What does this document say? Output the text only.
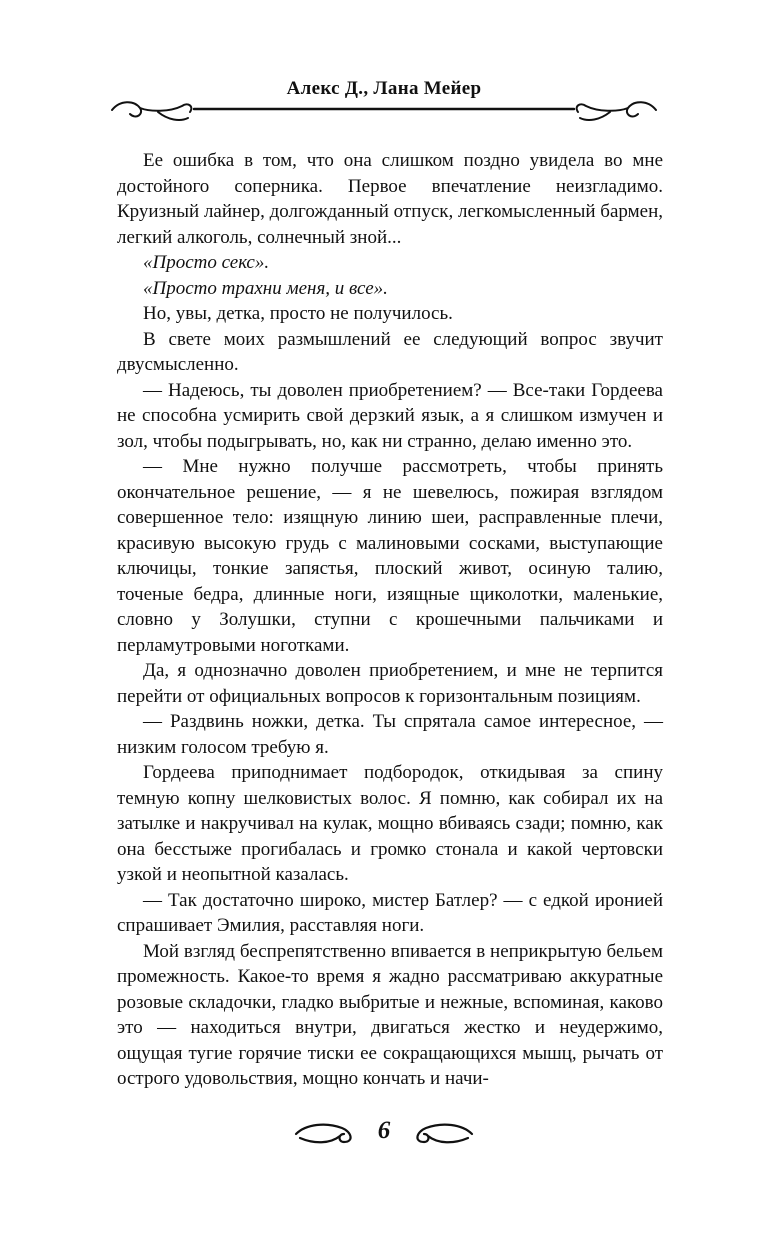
Алекс Д., Лана Мейер

Ее ошибка в том, что она слишком поздно увидела во мне достойного соперника. Первое впечатление неизгладимо. Круизный лайнер, долгожданный отпуск, легкомысленный бармен, легкий алкоголь, солнечный зной...

«Просто секс».

«Просто трахни меня, и все».

Но, увы, детка, просто не получилось.

В свете моих размышлений ее следующий вопрос звучит двусмысленно.

— Надеюсь, ты доволен приобретением? — Все-таки Гордеева не способна усмирить свой дерзкий язык, а я слишком измучен и зол, чтобы подыгрывать, но, как ни странно, делаю именно это.

— Мне нужно получше рассмотреть, чтобы принять окончательное решение, — я не шевелюсь, пожирая взглядом совершенное тело: изящную линию шеи, расправленные плечи, красивую высокую грудь с малиновыми сосками, выступающие ключицы, тонкие запястья, плоский живот, осиную талию, точеные бедра, длинные ноги, изящные щиколотки, маленькие, словно у Золушки, ступни с крошечными пальчиками и перламутровыми ноготками.

Да, я однозначно доволен приобретением, и мне не терпится перейти от официальных вопросов к горизонтальным позициям.

— Раздвинь ножки, детка. Ты спрятала самое интересное, — низким голосом требую я.

Гордеева приподнимает подбородок, откидывая за спину темную копну шелковистых волос. Я помню, как собирал их на затылке и накручивал на кулак, мощно вбиваясь сзади; помню, как она бесстыже прогибалась и громко стонала и какой чертовски узкой и неопытной казалась.

— Так достаточно широко, мистер Батлер? — с едкой иронией спрашивает Эмилия, расставляя ноги.

Мой взгляд беспрепятственно впивается в неприкрытую бельем промежность. Какое-то время я жадно рассматриваю аккуратные розовые складочки, гладко выбритые и нежные, вспоминая, каково это — находиться внутри, двигаться жестко и неудержимо, ощущая тугие горячие тиски ее сокращающихся мышц, рычать от острого удовольствия, мощно кончать и начи-

6
